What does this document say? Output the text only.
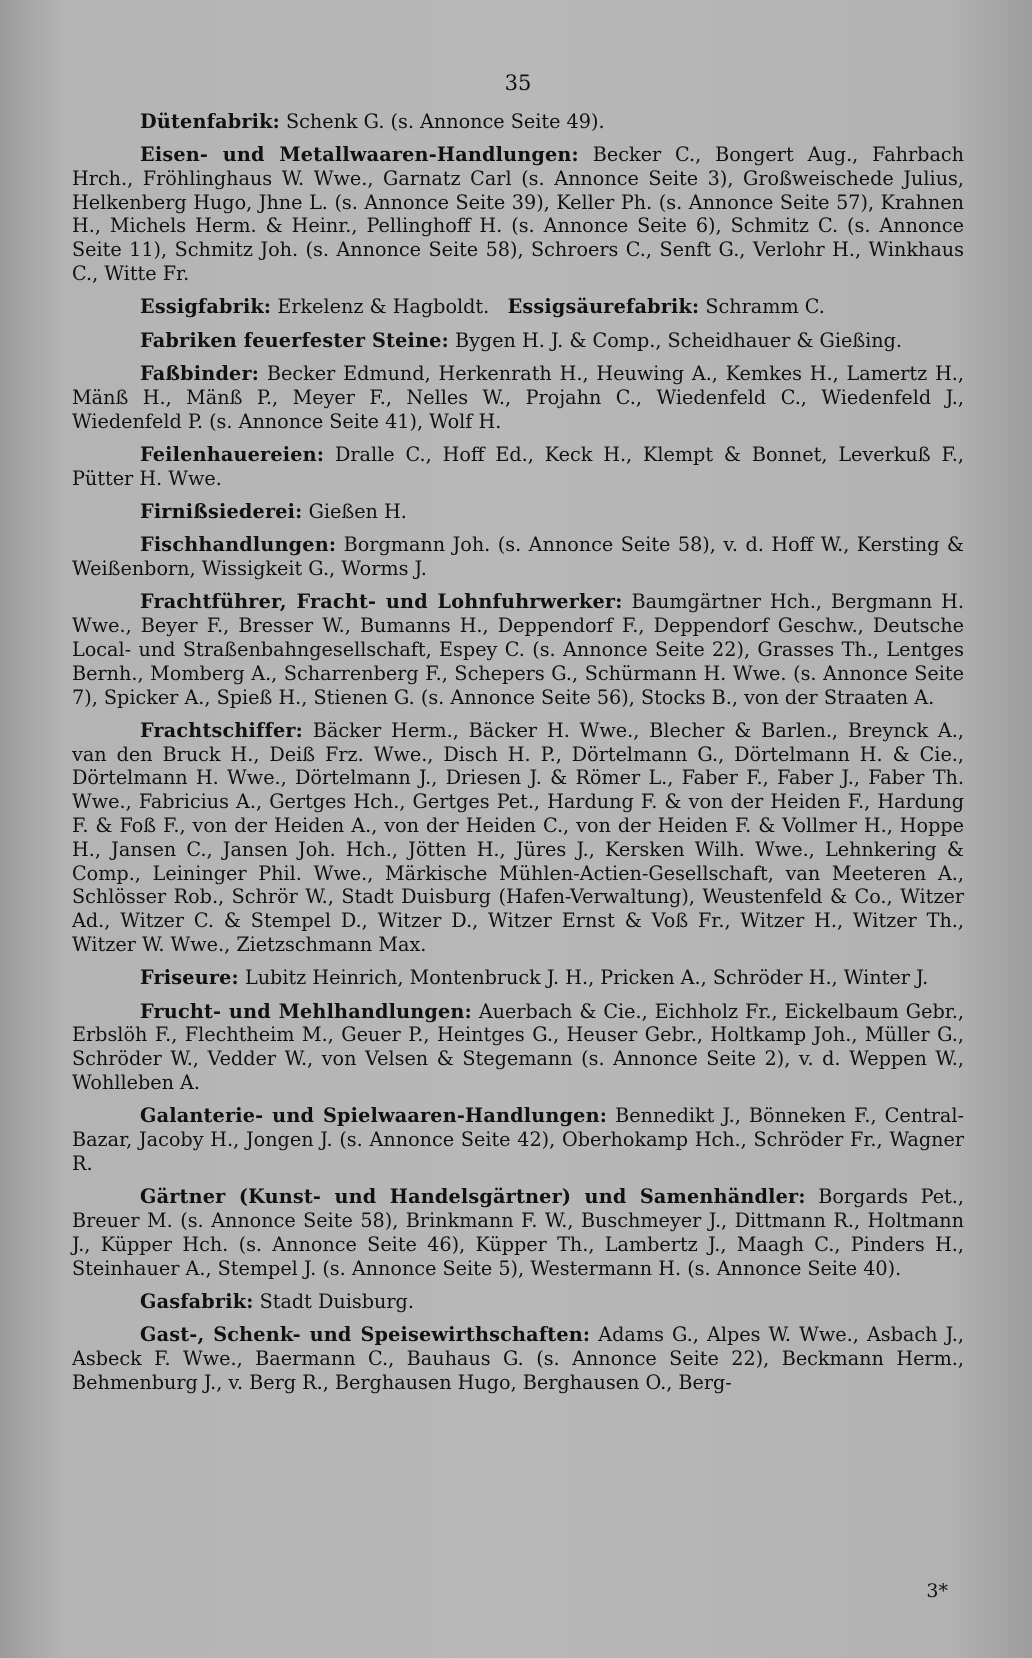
35

Dütenfabrik: Schenk G. (s. Annonce Seite 49).

Eisen- und Metallwaaren-Handlungen: Becker C., Bongert Aug., Fahrbach Hrch., Fröhlinghaus W. Wwe., Garnatz Carl (s. Annonce Seite 3), Großweischede Julius, Helkenberg Hugo, Jhne L. (s. Annonce Seite 39), Keller Ph. (s. Annonce Seite 57), Krahnen H., Michels Herm. & Heinr., Pellinghoff H. (s. Annonce Seite 6), Schmitz C. (s. Annonce Seite 11), Schmitz Joh. (s. Annonce Seite 58), Schroers C., Senft G., Verlohr H., Winkhaus C., Witte Fr.

Essigfabrik: Erkelenz & Hagboldt. Essigsäurefabrik: Schramm C.

Fabriken feuerfester Steine: Bygen H. J. & Comp., Scheidhauer & Gießing.

Faßbinder: Becker Edmund, Herkenrath H., Heuwing A., Kemkes H., Lamertz H., Mänß H., Mänß P., Meyer F., Nelles W., Projahn C., Wiedenfeld C., Wiedenfeld J., Wiedenfeld P. (s. Annonce Seite 41), Wolf H.

Feilenhauereien: Dralle C., Hoff Ed., Keck H., Klempt & Bonnet, Leverkuß F., Pütter H. Wwe.

Firnißsiederei: Gießen H.

Fischhandlungen: Borgmann Joh. (s. Annonce Seite 58), v. d. Hoff W., Kersting & Weißenborn, Wissigkeit G., Worms J.

Frachtführer, Fracht- und Lohnfuhrwerker: Baumgärtner Hch., Bergmann H. Wwe., Beyer F., Bresser W., Bumanns H., Deppendorf F., Deppendorf Geschw., Deutsche Local- und Straßenbahngesellschaft, Espey C. (s. Annonce Seite 22), Grasses Th., Lentges Bernh., Momberg A., Scharrenberg F., Schepers G., Schürmann H. Wwe. (s. Annonce Seite 7), Spicker A., Spieß H., Stienen G. (s. Annonce Seite 56), Stocks B., von der Straaten A.

Frachtschiffer: Bäcker Herm., Bäcker H. Wwe., Blecher & Barlen., Breynck A., van den Bruck H., Deiß Frz. Wwe., Disch H. P., Dörtelmann G., Dörtelmann H. & Cie., Dörtelmann H. Wwe., Dörtelmann J., Driesen J. & Römer L., Faber F., Faber J., Faber Th. Wwe., Fabricius A., Gertges Hch., Gertges Pet., Hardung F. & von der Heiden F., Hardung F. & Foß F., von der Heiden A., von der Heiden C., von der Heiden F. & Vollmer H., Hoppe H., Jansen C., Jansen Joh. Hch., Jötten H., Jüres J., Kersken Wilh. Wwe., Lehnkering & Comp., Leininger Phil. Wwe., Märkische Mühlen-Actien-Gesellschaft, van Meeteren A., Schlösser Rob., Schrör W., Stadt Duisburg (Hafen-Verwaltung), Weustenfeld & Co., Witzer Ad., Witzer C. & Stempel D., Witzer D., Witzer Ernst & Voß Fr., Witzer H., Witzer Th., Witzer W. Wwe., Zietzschmann Max.

Friseure: Lubitz Heinrich, Montenbruck J. H., Pricken A., Schröder H., Winter J.

Frucht- und Mehlhandlungen: Auerbach & Cie., Eichholz Fr., Eickelbaum Gebr., Erbslöh F., Flechtheim M., Geuer P., Heintges G., Heuser Gebr., Holtkamp Joh., Müller G., Schröder W., Vedder W., von Velsen & Stegemann (s. Annonce Seite 2), v. d. Weppen W., Wohlleben A.

Galanterie- und Spielwaaren-Handlungen: Bennedikt J., Bönneken F., Central-Bazar, Jacoby H., Jongen J. (s. Annonce Seite 42), Oberhokamp Hch., Schröder Fr., Wagner R.

Gärtner (Kunst- und Handelsgärtner) und Samenhändler: Borgards Pet., Breuer M. (s. Annonce Seite 58), Brinkmann F. W., Buschmeyer J., Dittmann R., Holtmann J., Küpper Hch. (s. Annonce Seite 46), Küpper Th., Lambertz J., Maagh C., Pinders H., Steinhauer A., Stempel J. (s. Annonce Seite 5), Westermann H. (s. Annonce Seite 40).

Gasfabrik: Stadt Duisburg.

Gast-, Schenk- und Speisewirthschaften: Adams G., Alpes W. Wwe., Asbach J., Asbeck F. Wwe., Baermann C., Bauhaus G. (s. Annonce Seite 22), Beckmann Herm., Behmenburg J., v. Berg R., Berghausen Hugo, Berghausen O., Berg-

3*
